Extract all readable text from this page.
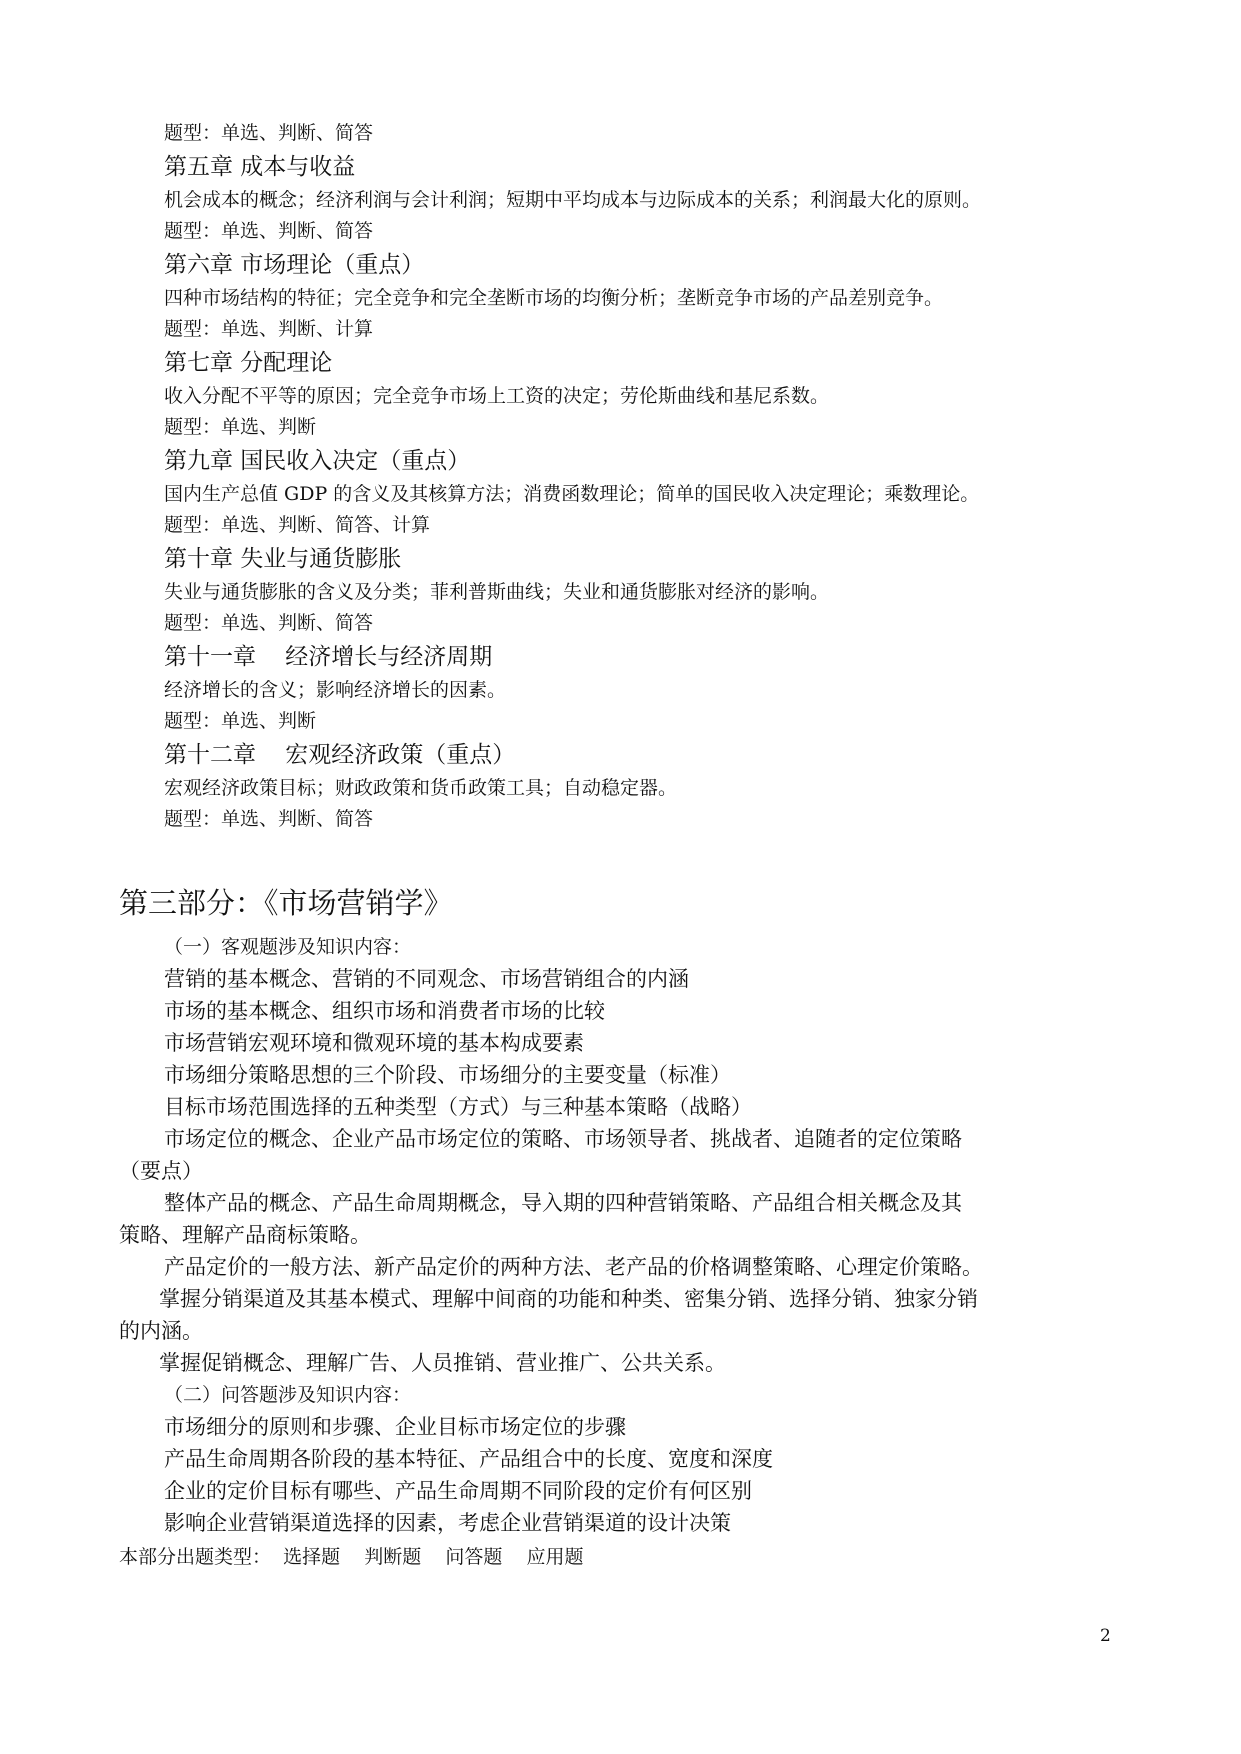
题型：单选、判断、简答
第五章 成本与收益
机会成本的概念；经济利润与会计利润；短期中平均成本与边际成本的关系；利润最大化的原则。
题型：单选、判断、简答
第六章 市场理论（重点）
四种市场结构的特征；完全竞争和完全垄断市场的均衡分析；垄断竞争市场的产品差别竞争。
题型：单选、判断、计算
第七章 分配理论
收入分配不平等的原因；完全竞争市场上工资的决定；劳伦斯曲线和基尼系数。
题型：单选、判断
第九章 国民收入决定（重点）
国内生产总值 GDP 的含义及其核算方法；消费函数理论；简单的国民收入决定理论；乘数理论。
题型：单选、判断、简答、计算
第十章 失业与通货膨胀
失业与通货膨胀的含义及分类；菲利普斯曲线；失业和通货膨胀对经济的影响。
题型：单选、判断、简答
第十一章    经济增长与经济周期
经济增长的含义；影响经济增长的因素。
题型：单选、判断
第十二章    宏观经济政策（重点）
宏观经济政策目标；财政政策和货币政策工具；自动稳定器。
题型：单选、判断、简答
第三部分：《市场营销学》
（一）客观题涉及知识内容：
营销的基本概念、营销的不同观念、市场营销组合的内涵
市场的基本概念、组织市场和消费者市场的比较
市场营销宏观环境和微观环境的基本构成要素
市场细分策略思想的三个阶段、市场细分的主要变量（标准）
目标市场范围选择的五种类型（方式）与三种基本策略（战略）
市场定位的概念、企业产品市场定位的策略、市场领导者、挑战者、追随者的定位策略
（要点）
整体产品的概念、产品生命周期概念，导入期的四种营销策略、产品组合相关概念及其
策略、理解产品商标策略。
产品定价的一般方法、新产品定价的两种方法、老产品的价格调整策略、心理定价策略。
掌握分销渠道及其基本模式、理解中间商的功能和种类、密集分销、选择分销、独家分销
的内涵。
掌握促销概念、理解广告、人员推销、营业推广、公共关系。
（二）问答题涉及知识内容：
市场细分的原则和步骤、企业目标市场定位的步骤
产品生命周期各阶段的基本特征、产品组合中的长度、宽度和深度
企业的定价目标有哪些、产品生命周期不同阶段的定价有何区别
影响企业营销渠道选择的因素，考虑企业营销渠道的设计决策
本部分出题类型：  选择题    判断题    问答题    应用题
2
